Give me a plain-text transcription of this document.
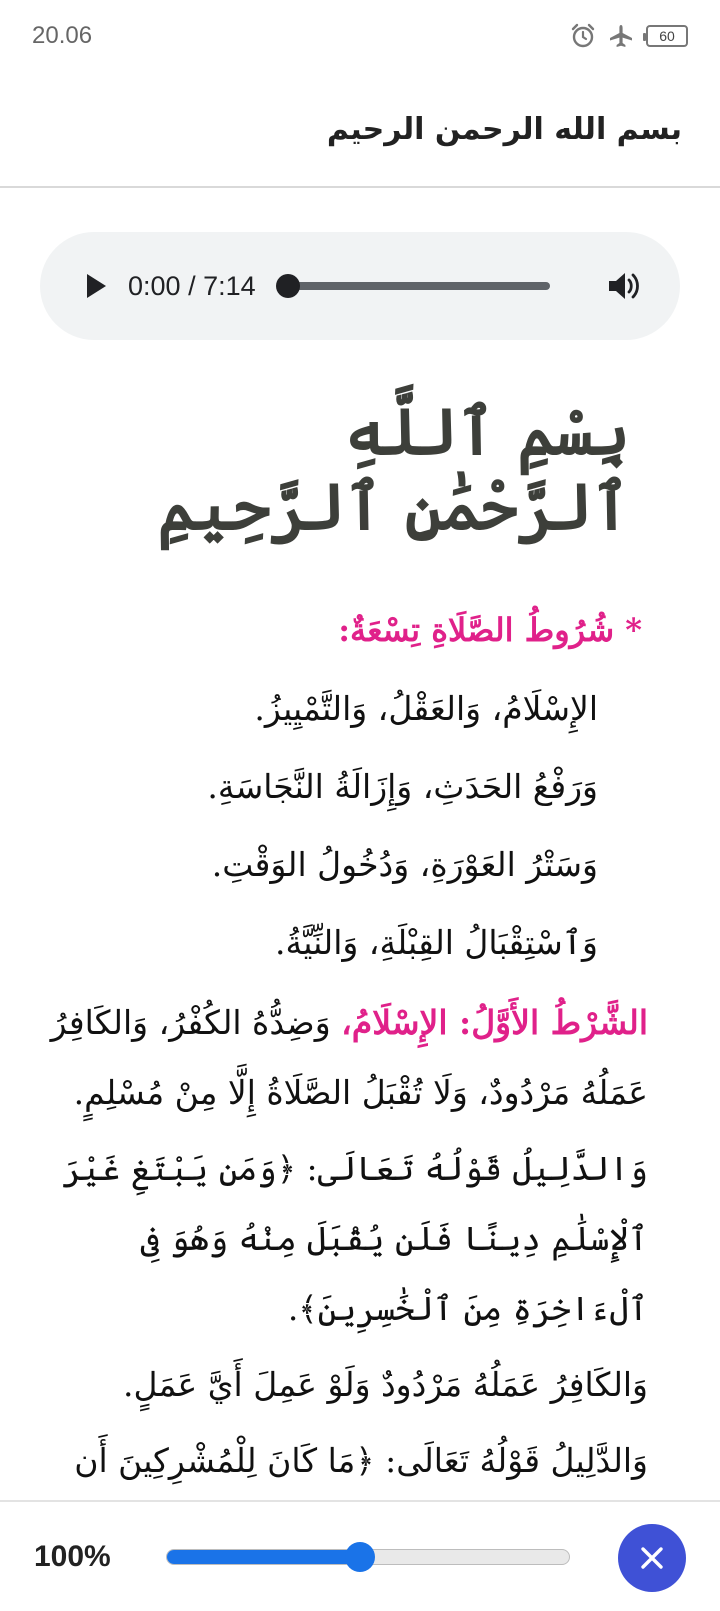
20.06	60
بسم الله الرحمن الرحيم
0:00 / 7:14
بِسْمِ ٱللَّهِ ٱلرَّحْمَٰنِ ٱلرَّحِيمِ
* شُرُوطُ الصَّلَاةِ تِسْعَةٌ:
الإِسْلَامُ، وَالعَقْلُ، وَالتَّمْيِيزُ.
وَرَفْعُ الحَدَثِ، وَإِزَالَةُ النَّجَاسَةِ.
وَسَتْرُ العَوْرَةِ، وَدُخُولُ الوَقْتِ.
وَٱسْتِقْبَالُ القِبْلَةِ، وَالنِّيَّةُ.

الشَّرْطُ الأَوَّلُ: الإِسْلَامُ، وَضِدُّهُ الكُفْرُ، وَالكَافِرُ عَمَلُهُ مَرْدُودٌ، وَلَا تُقْبَلُ الصَّلَاةُ إِلَّا مِنْ مُسْلِمٍ.

وَالدَّلِيلُ قَوْلُهُ تَعَالَى: ﴿وَمَن يَبْتَغِ غَيْرَ ٱلْإِسْلَٰمِ دِينًا فَلَن يُقْبَلَ مِنْهُ وَهُوَ فِى ٱلْءَاخِرَةِ مِنَ ٱلْخَٰسِرِينَ﴾.

وَالكَافِرُ عَمَلُهُ مَرْدُودٌ وَلَوْ عَمِلَ أَيَّ عَمَلٍ.

وَالدَّلِيلُ قَوْلُهُ تَعَالَى: ﴿مَا كَانَ لِلْمُشْرِكِينَ أَن

100%
